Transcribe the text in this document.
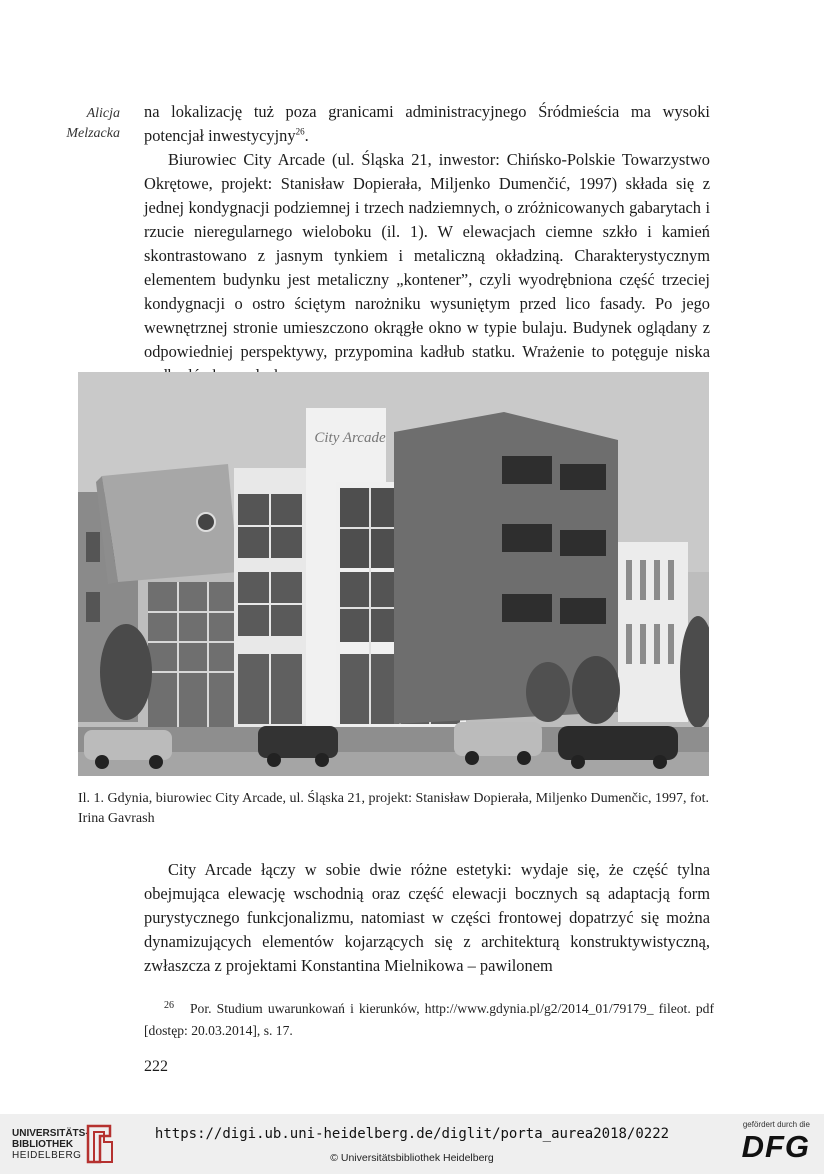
Alicja
Melzacka

na lokalizację tuż poza granicami administracyjnego Śródmieścia ma wysoki potencjał inwestycyjny$^{26}$.

Biurowiec City Arcade (ul. Śląska 21, inwestor: Chińsko-Polskie Towarzystwo Okrętowe, projekt: Stanisław Dopierała, Miljenko Dumenčić, 1997) składa się z jednej kondygnacji podziemnej i trzech nadziemnych, o zróżnicowanych gabarytach i rzucie nieregularnego wieloboku (il. 1). W elewacjach ciemne szkło i kamień skontrastowano z jasnym tynkiem i metaliczną okładziną. Charakterystycznym elementem budynku jest metaliczny „kontener”, czyli wyodrębniona część trzeciej kondygnacji o ostro ściętym narożniku wysuniętym przed lico fasady. Po jego wewnętrznej stronie umieszczono okrągłe okno w typie bulaju. Budynek oglądany z odpowiedniej perspektywy, przypomina kadłub statku. Wrażenie to potęguje niska

City Arcade
Il. 1. Gdynia, biurowiec City Arcade, ul. Śląska 21, projekt: Stanisław Dopierała, Miljenko Dumenčic, 1997, fot. Irina Gavrash

City Arcade łączy w sobie dwie różne estetyki: wydaje się, że część tylna obejmująca elewację wschodnią oraz część elewacji bocznych są adaptacją form purystycznego funkcjonalizmu, natomiast w części frontowej dopatrzyć się można dynamizujących elementów kojarzących się z architekturą konstruktywistyczną, zwłaszcza z projektami Konstantina Mielnikowa – pawilonem

26 Por. Studium uwarunkowań i kierunków, http://www.gdynia.pl/g2/2014_01/79179_ fileot. pdf [dostęp: 20.03.2014], s. 17.
222
UNIVERSITÄTS-
BIBLIOTHEK
HEIDELBERG
https://digi.ub.uni-heidelberg.de/diglit/porta_aurea2018/0222
© Universitätsbibliothek Heidelberg
gefördert durch die
DFG
